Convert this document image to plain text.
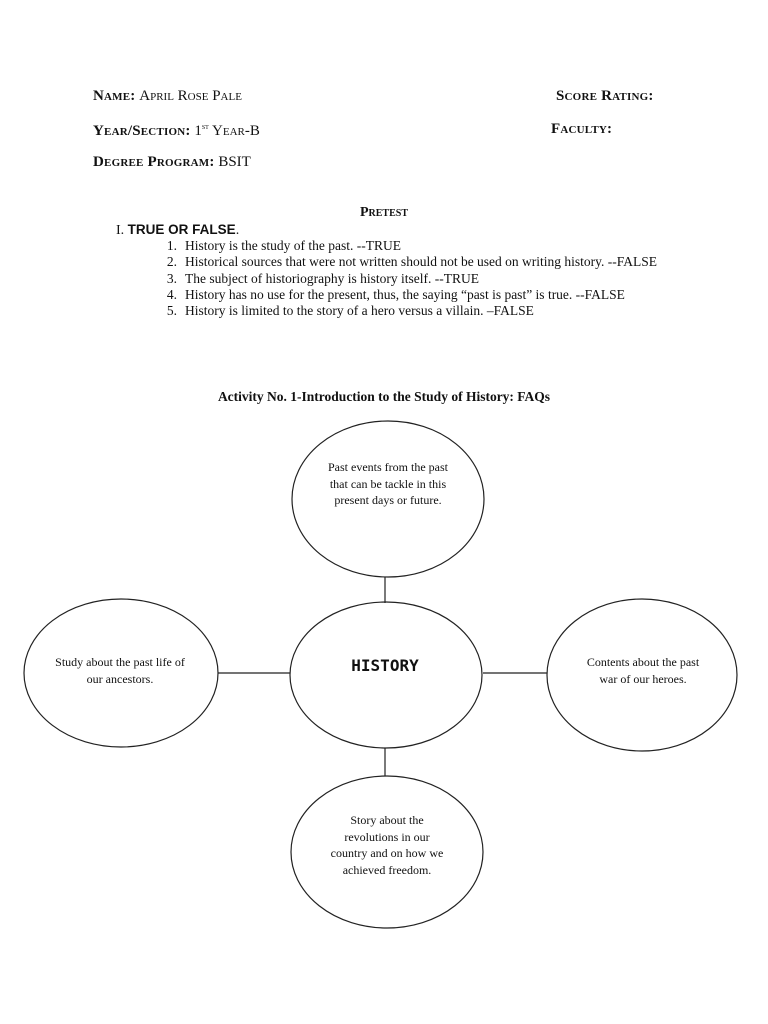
Name: April Rose Pale	Score Rating:
Year/Section: 1st Year-B	Faculty:
Degree Program: BSIT
Pretest
I. TRUE OR FALSE.
1. History is the study of the past. --TRUE
2. Historical sources that were not written should not be used on writing history. --FALSE
3. The subject of historiography is history itself. --TRUE
4. History has no use for the present, thus, the saying “past is past” is true. --FALSE
5. History is limited to the story of a hero versus a villain. –FALSE
Activity No. 1-Introduction to the Study of History: FAQs
Past events from the past that can be tackle in this present days or future.
HISTORY
Study about the past life of our ancestors.
Contents about the past war of our heroes.
Story about the revolutions in our country and on how we achieved freedom.
